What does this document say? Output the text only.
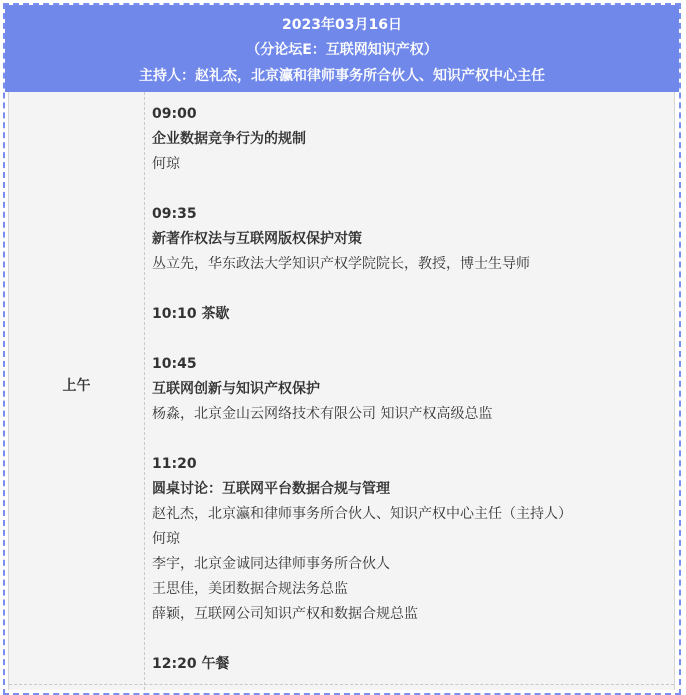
2023年03月16日
（分论坛E：互联网知识产权）
主持人：赵礼杰，北京瀛和律师事务所合伙人、知识产权中心主任
上午
09:00
企业数据竞争行为的规制
何琼
09:35
新著作权法与互联网版权保护对策
丛立先，华东政法大学知识产权学院院长，教授，博士生导师
10:10 茶歇
10:45
互联网创新与知识产权保护
杨淼，北京金山云网络技术有限公司 知识产权高级总监
11:20
圆桌讨论：互联网平台数据合规与管理
赵礼杰，北京瀛和律师事务所合伙人、知识产权中心主任（主持人）
何琼
李宇，北京金诚同达律师事务所合伙人
王思佳，美团数据合规法务总监
薛颖，互联网公司知识产权和数据合规总监
12:20 午餐
